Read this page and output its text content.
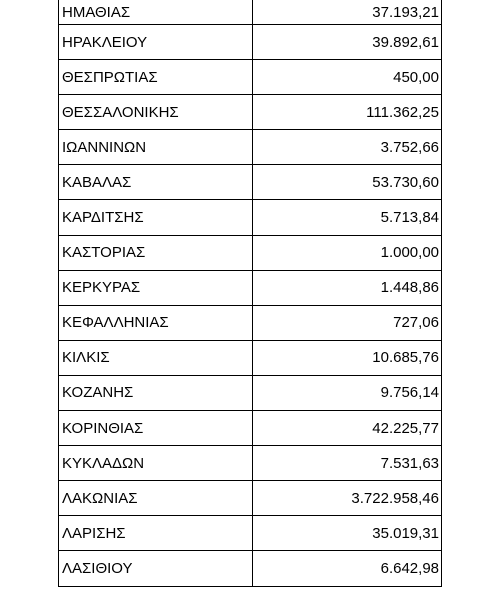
ΗΜΑΘΙΑΣ	37.193,21
ΗΡΑΚΛΕΙΟΥ	39.892,61
ΘΕΣΠΡΩΤΙΑΣ	450,00
ΘΕΣΣΑΛΟΝΙΚΗΣ	111.362,25
ΙΩΑΝΝΙΝΩΝ	3.752,66
ΚΑΒΑΛΑΣ	53.730,60
ΚΑΡΔΙΤΣΗΣ	5.713,84
ΚΑΣΤΟΡΙΑΣ	1.000,00
ΚΕΡΚΥΡΑΣ	1.448,86
ΚΕΦΑΛΛΗΝΙΑΣ	727,06
ΚΙΛΚΙΣ	10.685,76
ΚΟΖΑΝΗΣ	9.756,14
ΚΟΡΙΝΘΙΑΣ	42.225,77
ΚΥΚΛΑΔΩΝ	7.531,63
ΛΑΚΩΝΙΑΣ	3.722.958,46
ΛΑΡΙΣΗΣ	35.019,31
ΛΑΣΙΘΙΟΥ	6.642,98
